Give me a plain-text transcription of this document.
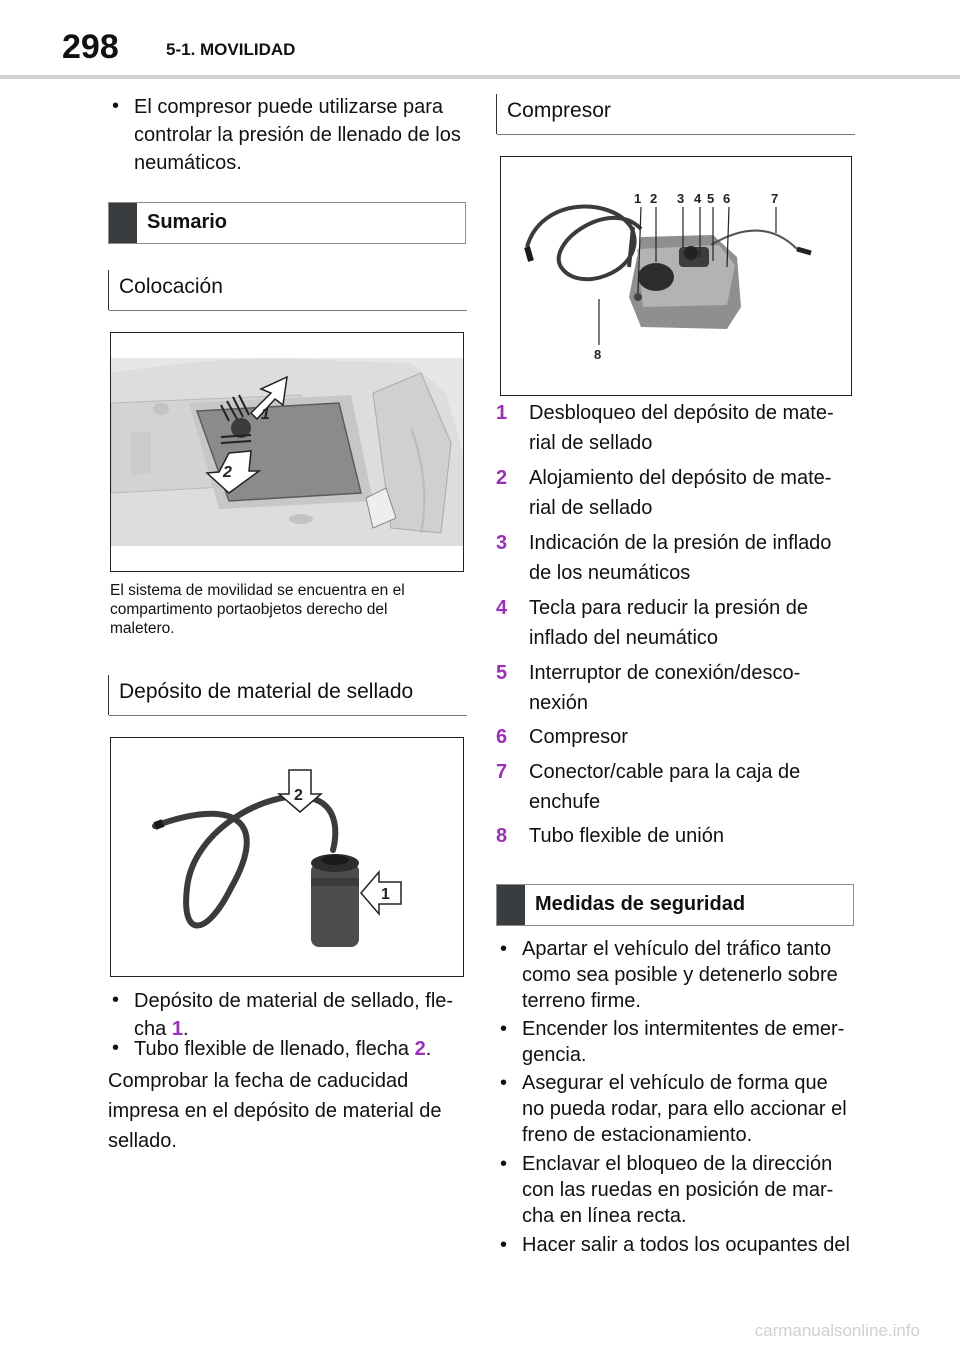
298	5-1. MOVILIDAD
• El compresor puede utilizarse para
controlar la presión de llenado de los
neumáticos.
Sumario
Colocación
1
2
El sistema de movilidad se encuentra en el
compartimento portaobjetos derecho del
maletero.
Depósito de material de sellado
2
1
• Depósito de material de sellado, fle-
cha 1.
• Tubo flexible de llenado, flecha 2.
Comprobar la fecha de caducidad
impresa en el depósito de material de
sellado.
Compresor
1 2 3 4 5 6	7
8
1 Desbloqueo del depósito de mate-
rial de sellado
2 Alojamiento del depósito de mate-
rial de sellado
3 Indicación de la presión de inflado
de los neumáticos
4 Tecla para reducir la presión de
inflado del neumático
5 Interruptor de conexión/desco-
nexión
6 Compresor
7 Conector/cable para la caja de
enchufe
8 Tubo flexible de unión
Medidas de seguridad
• Apartar el vehículo del tráfico tanto
como sea posible y detenerlo sobre
terreno firme.
• Encender los intermitentes de emer-
gencia.
• Asegurar el vehículo de forma que
no pueda rodar, para ello accionar el
freno de estacionamiento.
• Enclavar el bloqueo de la dirección
con las ruedas en posición de mar-
cha en línea recta.
• Hacer salir a todos los ocupantes del
carmanualsonline.info
